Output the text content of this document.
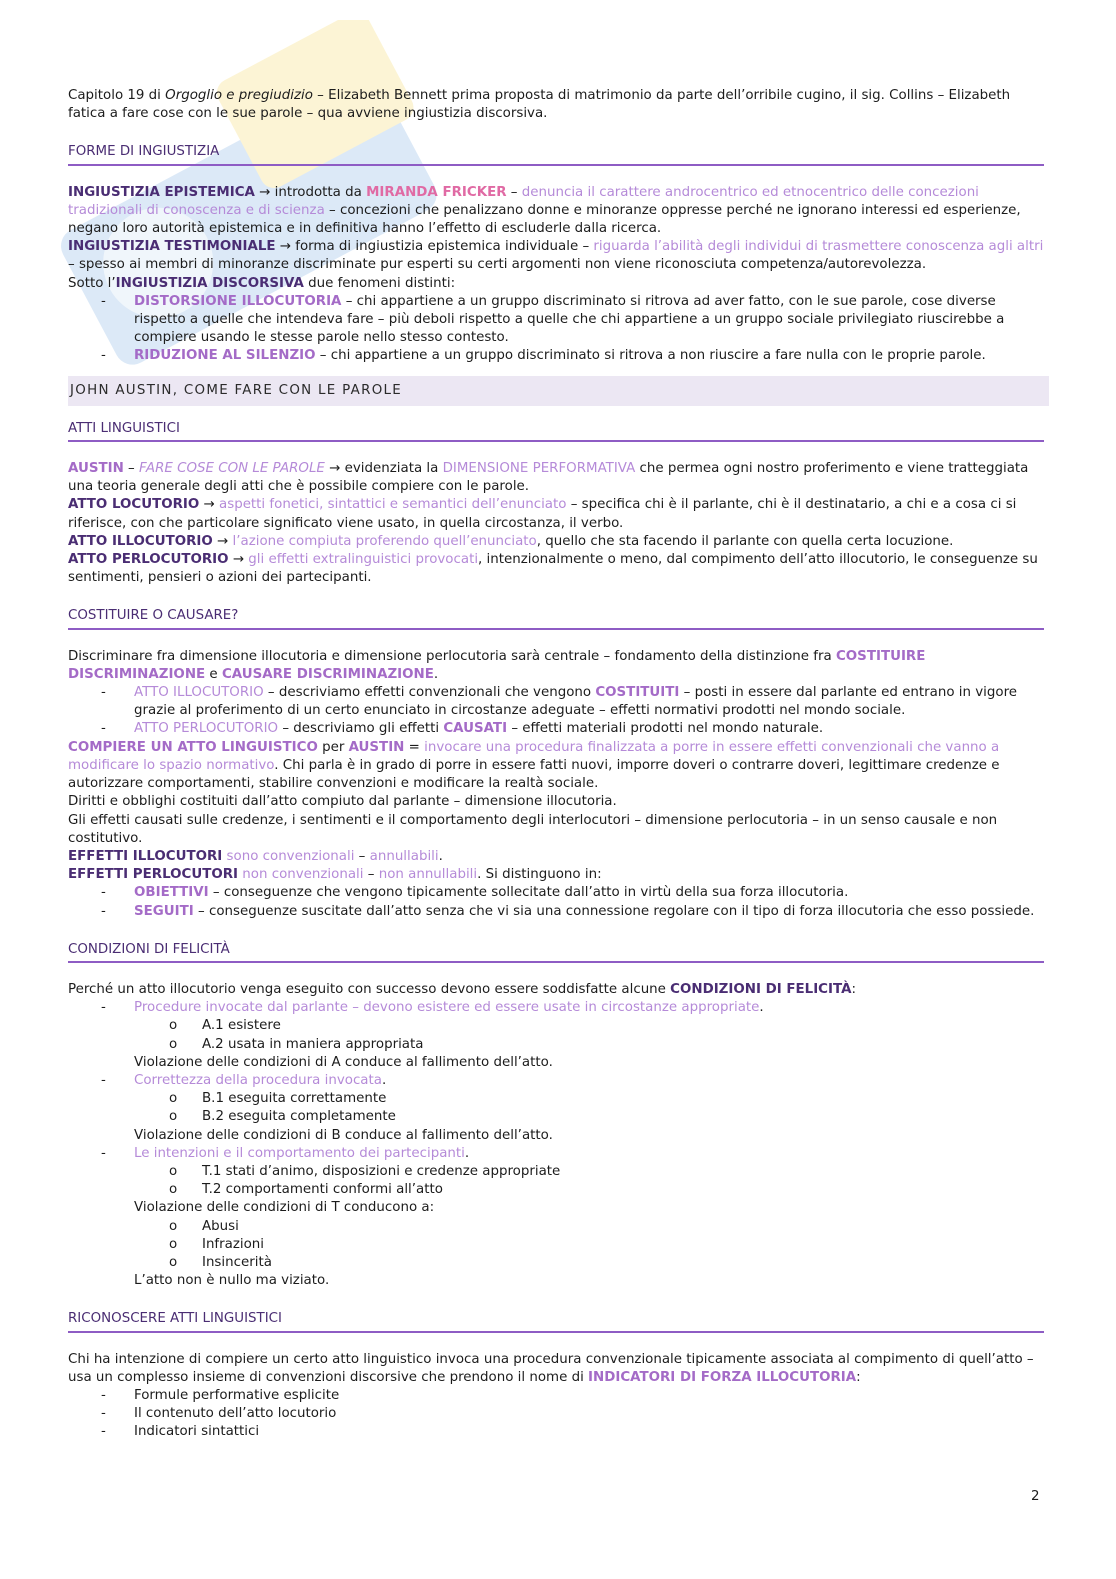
Capitolo 19 di Orgoglio e pregiudizio – Elizabeth Bennett prima proposta di matrimonio da parte dell’orribile cugino, il sig. Collins – Elizabeth fatica a fare cose con le sue parole – qua avviene ingiustizia discorsiva.

FORME DI INGIUSTIZIA

INGIUSTIZIA EPISTEMICA → introdotta da MIRANDA FRICKER – denuncia il carattere androcentrico ed etnocentrico delle concezioni tradizionali di conoscenza e di scienza – concezioni che penalizzano donne e minoranze oppresse perché ne ignorano interessi ed esperienze, negano loro autorità epistemica e in definitiva hanno l’effetto di escluderle dalla ricerca.

INGIUSTIZIA TESTIMONIALE → forma di ingiustizia epistemica individuale – riguarda l’abilità degli individui di trasmettere conoscenza agli altri – spesso ai membri di minoranze discriminate pur esperti su certi argomenti non viene riconosciuta competenza/autorevolezza.

Sotto l’INGIUSTIZIA DISCORSIVA due fenomeni distinti:

- DISTORSIONE ILLOCUTORIA – chi appartiene a un gruppo discriminato si ritrova ad aver fatto, con le sue parole, cose diverse rispetto a quelle che intendeva fare – più deboli rispetto a quelle che chi appartiene a un gruppo sociale privilegiato riuscirebbe a compiere usando le stesse parole nello stesso contesto.
- RIDUZIONE AL SILENZIO – chi appartiene a un gruppo discriminato si ritrova a non riuscire a fare nulla con le proprie parole.
JOHN AUSTIN, COME FARE CON LE PAROLE
ATTI LINGUISTICI

AUSTIN – FARE COSE CON LE PAROLE → evidenziata la DIMENSIONE PERFORMATIVA che permea ogni nostro proferimento e viene tratteggiata una teoria generale degli atti che è possibile compiere con le parole.

ATTO LOCUTORIO → aspetti fonetici, sintattici e semantici dell’enunciato – specifica chi è il parlante, chi è il destinatario, a chi e a cosa ci si riferisce, con che particolare significato viene usato, in quella circostanza, il verbo.

ATTO ILLOCUTORIO → l’azione compiuta proferendo quell’enunciato, quello che sta facendo il parlante con quella certa locuzione.

ATTO PERLOCUTORIO → gli effetti extralinguistici provocati, intenzionalmente o meno, dal compimento dell’atto illocutorio, le conseguenze su sentimenti, pensieri o azioni dei partecipanti.

COSTITUIRE O CAUSARE?

Discriminare fra dimensione illocutoria e dimensione perlocutoria sarà centrale – fondamento della distinzione fra COSTITUIRE DISCRIMINAZIONE e CAUSARE DISCRIMINAZIONE.

- ATTO ILLOCUTORIO – descriviamo effetti convenzionali che vengono COSTITUITI – posti in essere dal parlante ed entrano in vigore grazie al proferimento di un certo enunciato in circostanze adeguate – effetti normativi prodotti nel mondo sociale.
- ATTO PERLOCUTORIO – descriviamo gli effetti CAUSATI – effetti materiali prodotti nel mondo naturale.

COMPIERE UN ATTO LINGUISTICO per AUSTIN = invocare una procedura finalizzata a porre in essere effetti convenzionali che vanno a modificare lo spazio normativo. Chi parla è in grado di porre in essere fatti nuovi, imporre doveri o contrarre doveri, legittimare credenze e autorizzare comportamenti, stabilire convenzioni e modificare la realtà sociale.

Diritti e obblighi costituiti dall’atto compiuto dal parlante – dimensione illocutoria.

Gli effetti causati sulle credenze, i sentimenti e il comportamento degli interlocutori – dimensione perlocutoria – in un senso causale e non costitutivo.

EFFETTI ILLOCUTORI sono convenzionali – annullabili.

EFFETTI PERLOCUTORI non convenzionali – non annullabili. Si distinguono in:

- OBIETTIVI – conseguenze che vengono tipicamente sollecitate dall’atto in virtù della sua forza illocutoria.
- SEGUITI – conseguenze suscitate dall’atto senza che vi sia una connessione regolare con il tipo di forza illocutoria che esso possiede.
CONDIZIONI DI FELICITÀ

Perché un atto illocutorio venga eseguito con successo devono essere soddisfatte alcune CONDIZIONI DI FELICITÀ:

- Procedure invocate dal parlante – devono esistere ed essere usate in circostanze appropriate.
o A.1 esistere
o A.2 usata in maniera appropriata
Violazione delle condizioni di A conduce al fallimento dell’atto.
- Correttezza della procedura invocata.
o B.1 eseguita correttamente
o B.2 eseguita completamente
Violazione delle condizioni di B conduce al fallimento dell’atto.
- Le intenzioni e il comportamento dei partecipanti.
o T.1 stati d’animo, disposizioni e credenze appropriate
o T.2 comportamenti conformi all’atto
Violazione delle condizioni di T conducono a:
o Abusi
o Infrazioni
o Insincerità
L’atto non è nullo ma viziato.
RICONOSCERE ATTI LINGUISTICI

Chi ha intenzione di compiere un certo atto linguistico invoca una procedura convenzionale tipicamente associata al compimento di quell’atto – usa un complesso insieme di convenzioni discorsive che prendono il nome di INDICATORI DI FORZA ILLOCUTORIA:

- Formule performative esplicite
- Il contenuto dell’atto locutorio
- Indicatori sintattici
2
